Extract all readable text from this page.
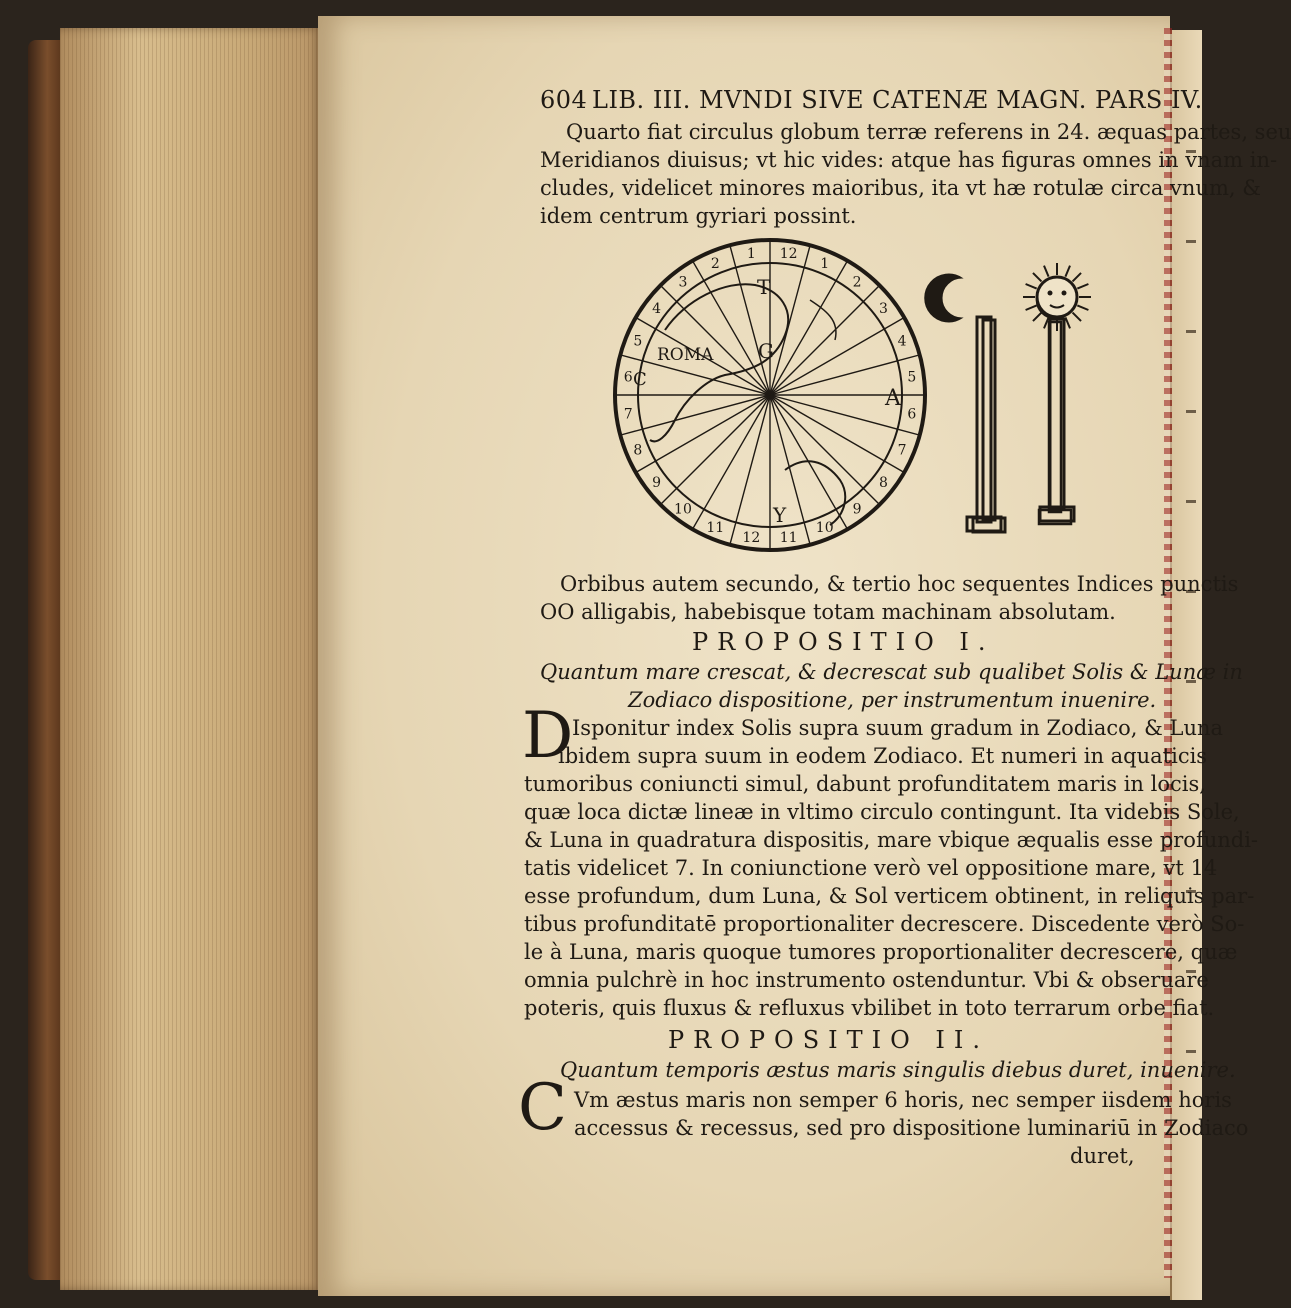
604 LIB. III. MVNDI SIVE CATENÆ MAGN. PARS IV.
Quarto fiat circulus globum terræ referens in 24. æquas partes, seu
Meridianos diuisus; vt hic vides: atque has figuras omnes in vnam in-
cludes, videlicet minores maioribus, ita vt hæ rotulæ circa vnum, &
idem centrum gyriari possint.
12
1
2
3
4
5
6
7
8
9
10
11
12
11
10
9
8
7
6
5
4
3
2
1
T
G
A
Y
ROMA
C
Orbibus autem secundo, & tertio hoc sequentes Indices punctis
OO alligabis, habebisque totam machinam absolutam.
PROPOSITIO I.
Quantum mare crescat, & decrescat sub qualibet Solis & Lunæ in
Zodiaco dispositione, per instrumentum inuenire.
D
Isponitur index Solis supra suum gradum in Zodiaco, & Luna
ibidem supra suum in eodem Zodiaco. Et numeri in aquaticis
tumoribus coniuncti simul, dabunt profunditatem maris in locis,
quæ loca dictæ lineæ in vltimo circulo contingunt. Ita videbis Sole,
& Luna in quadratura dispositis, mare vbique æqualis esse profundi-
tatis videlicet 7. In coniunctione verò vel oppositione mare, vt 14
esse profundum, dum Luna, & Sol verticem obtinent, in reliquis par-
tibus profunditatē proportionaliter decrescere. Discedente verò So-
le à Luna, maris quoque tumores proportionaliter decrescere, quæ
omnia pulchrè in hoc instrumento ostenduntur. Vbi & obseruare
poteris, quis fluxus & refluxus vbilibet in toto terrarum orbe fiat.
PROPOSITIO II.
Quantum temporis æstus maris singulis diebus duret, inuenire.
C Vm æstus maris non semper 6 horis, nec semper iisdem horis
accessus & recessus, sed pro dispositione luminariū in Zodiaco
duret,
